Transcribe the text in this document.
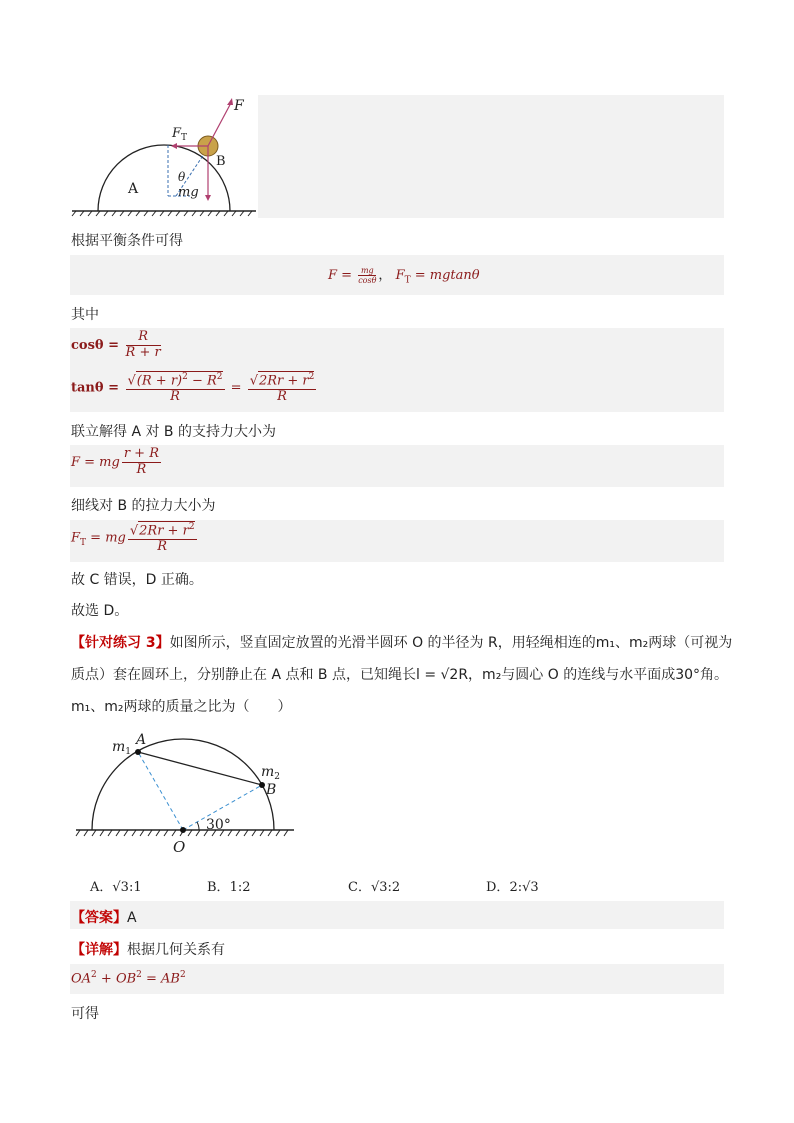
F
$F_T$
B
A
θ
mg
根据平衡条件可得
$F = \frac{mg}{\cos\theta}$ ， $F_T = mgtan\theta$
其中
$\cos\theta = \frac{R}{R + r}$
$\tan\theta = \frac{√(R + r)^2 - R^2}{R} = \frac{√2Rr + r^2}{R}$
联立解得 A 对 B 的支持力大小为
F = mg $\frac{r + R}{R}$
细线对 B 的拉力大小为
$F_T$ = mg $\frac{√2Rr + r^2}{R}$
故 C 错误，D 正确。
故选 D。
【针对练习 3】如图所示，竖直固定放置的光滑半圆环 O 的半径为 R，用轻绳相连的m₁、m₂两球（可视为
质点）套在圆环上，分别静止在 A 点和 B 点，已知绳长l = √2R，m₂与圆心 O 的连线与水平面成30°角。
m₁、m₂两球的质量之比为（　　）
$m_1$
A
$m_2$
B
O
30°
A．√3:1	B．1:2	C．√3:2	D．2:√3
【答案】A
【详解】根据几何关系有
$OA^2 + OB^2 = AB^2$
可得
